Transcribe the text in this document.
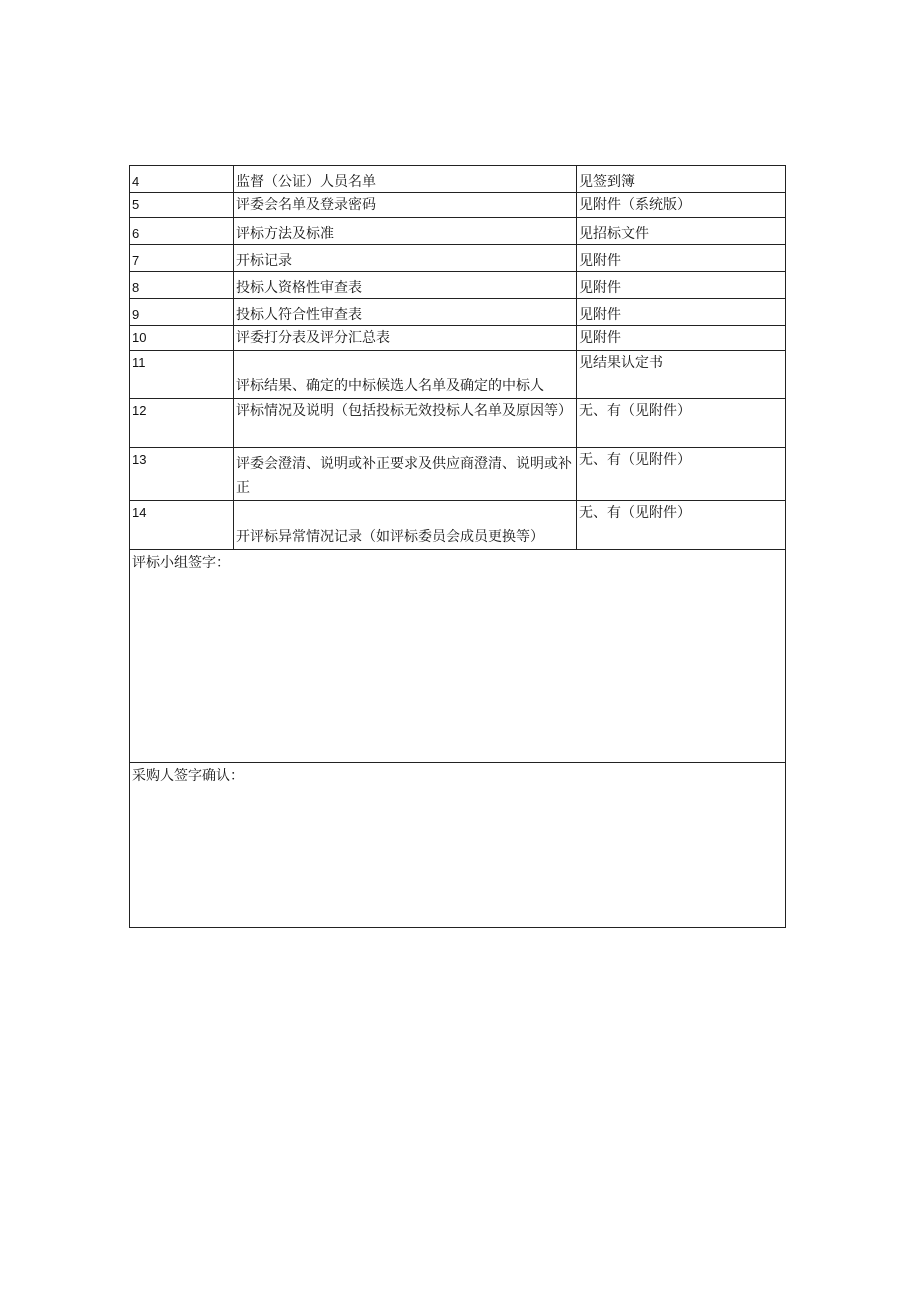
4	监督（公证）人员名单	见签到簿
5	评委会名单及登录密码	见附件（系统版）
6	评标方法及标准	见招标文件
7	开标记录	见附件
8	投标人资格性审查表	见附件
9	投标人符合性审查表	见附件
10	评委打分表及评分汇总表	见附件
11	评标结果、确定的中标候选人名单及确定的中标人	见结果认定书
12	评标情况及说明（包括投标无效投标人名单及原因等）	无、有（见附件）
13	评委会澄清、说明或补正要求及供应商澄清、说明或补正	无、有（见附件）
14	开评标异常情况记录（如评标委员会成员更换等）	无、有（见附件）
评标小组签字：		
采购人签字确认：		
